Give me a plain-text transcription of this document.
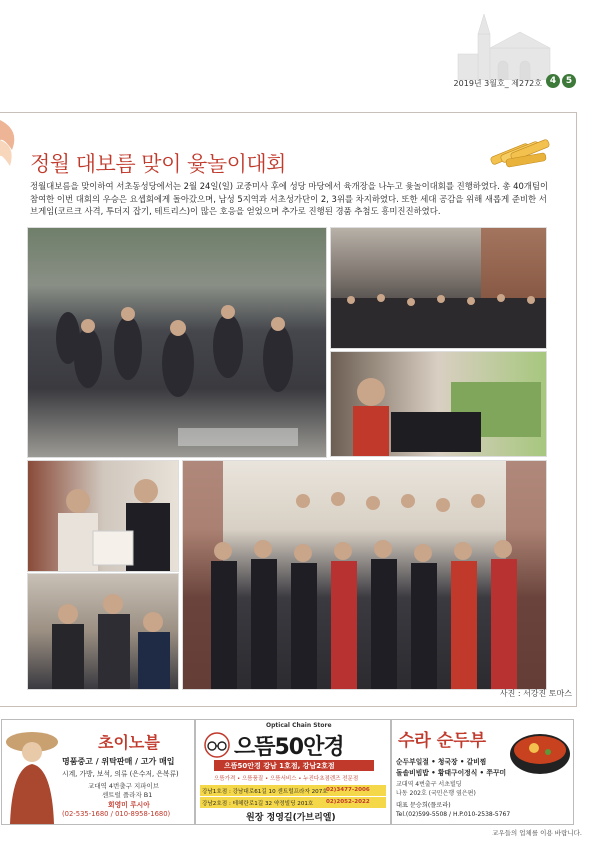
2019년 3월호_ 제272호 4	5
정월 대보름 맞이 윷놀이대회
정월대보름을 맞이하여 서초동성당에서는 2월 24일(일) 교중미사 후에 성당 마당에서 육개장을 나누고 윷놀이대회를 진행하였다. 총 40개팀이 참여한 이번 대회의 우승은 요셉회에게 돌아갔으며, 남성 5지역과 서초성가단이 2, 3위를 차지하였다. 또한 세대 공감을 위해 새롭게 준비한 서브게임(코르크 사격, 투더지 잡기, 테트리스)이 많은 호응을 얻었으며 추가로 진행된 경품 추첨도 흥미진진하였다.
사진 : 서강진 토마스
초이노블
명품중고 / 위탁판매 / 고가 매입
시계, 가방, 보석, 의류 (은수저, 은복류)
교대역 4번출구 지파이브
센트럴 플라자 B1
회영미 루시아
(02-535-1680 / 010-8958-1680)
Optical Chain Store
으뜸50안경
으뜸50안경 강남 1호점, 강남2호점
으뜸가격 • 으뜸품질 • 으뜸서비스 • 누진다초점렌즈 전문점
강남1호점 : 강남대로61길 10 센트럴프라자 207호
02)3477-2006
강남2호점 : 테헤란로1길 32 약정빌딩 201호 02)2052-2022
원장 정영길(가브리엘)
수라 순두부
순두부일절 • 청국장 • 갈비찜
돌솥비빔밥 • 황태구이정식 • 쭈꾸미
교대역 4번출구 서초빌딩
나동 202호 (국민은행 옆은편)
대표 문승희(플로라)
Tel.(02)599-5508 / H.P.010-2538-5767
교우들의 업체를 이용 바랍니다.
